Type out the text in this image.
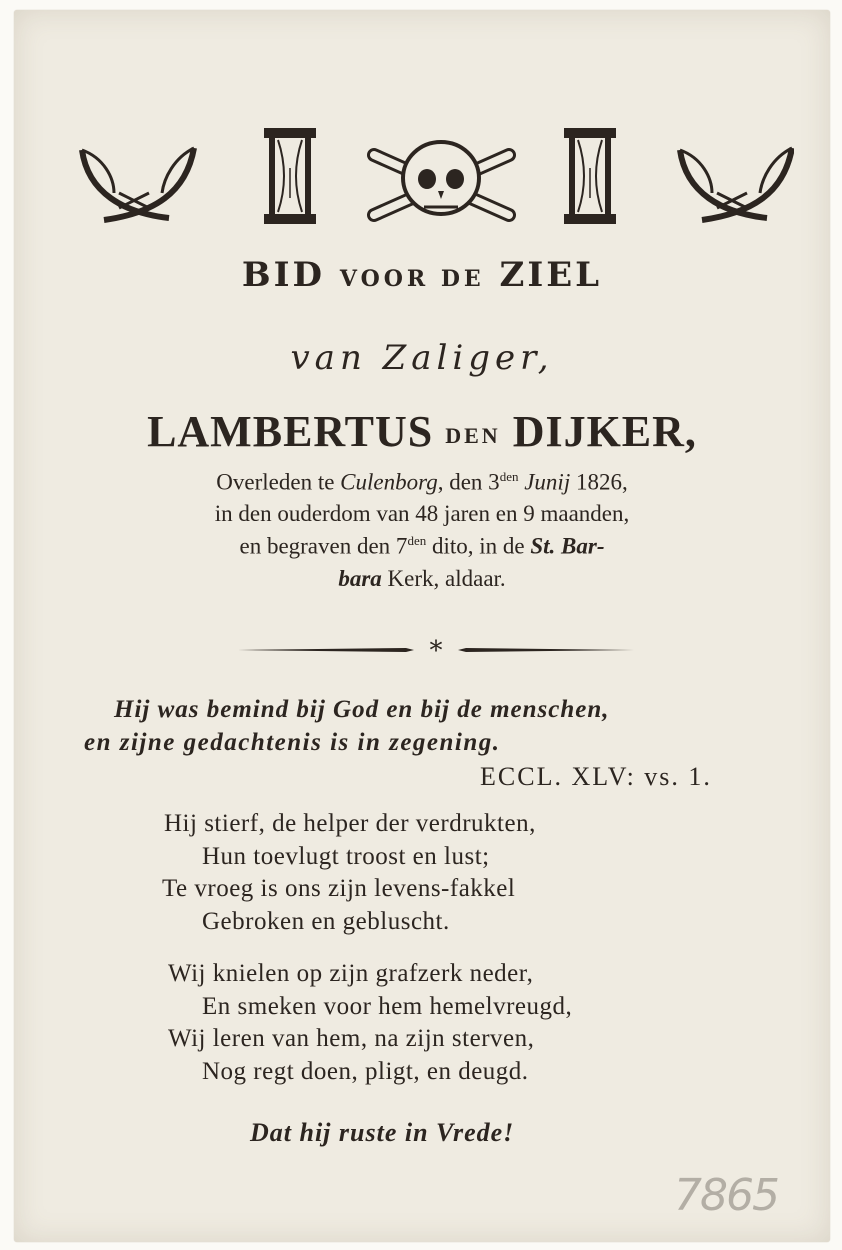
BID VOOR DE ZIEL
van Zaliger,
LAMBERTUS DEN DIJKER,
Overleden te Culenborg, den $3^{den}$ Junij 1826,
in den ouderdom van 48 jaren en 9 maanden,
en begraven den $7^{den}$ dito, in de St. Bar-
bara Kerk, aldaar.
*
Hij was bemind bij God en bij de menschen,
en zijne gedachtenis is in zegening.
ECCL. XLV: vs. 1.
Hij stierf, de helper der verdrukten,
Hun toevlugt troost en lust;
Te vroeg is ons zijn levens-fakkel
Gebroken en gebluscht.
Wij knielen op zijn grafzerk neder,
En smeken voor hem hemelvreugd,
Wij leren van hem, na zijn sterven,
Nog regt doen, pligt, en deugd.
Dat hij ruste in Vrede!
7865
